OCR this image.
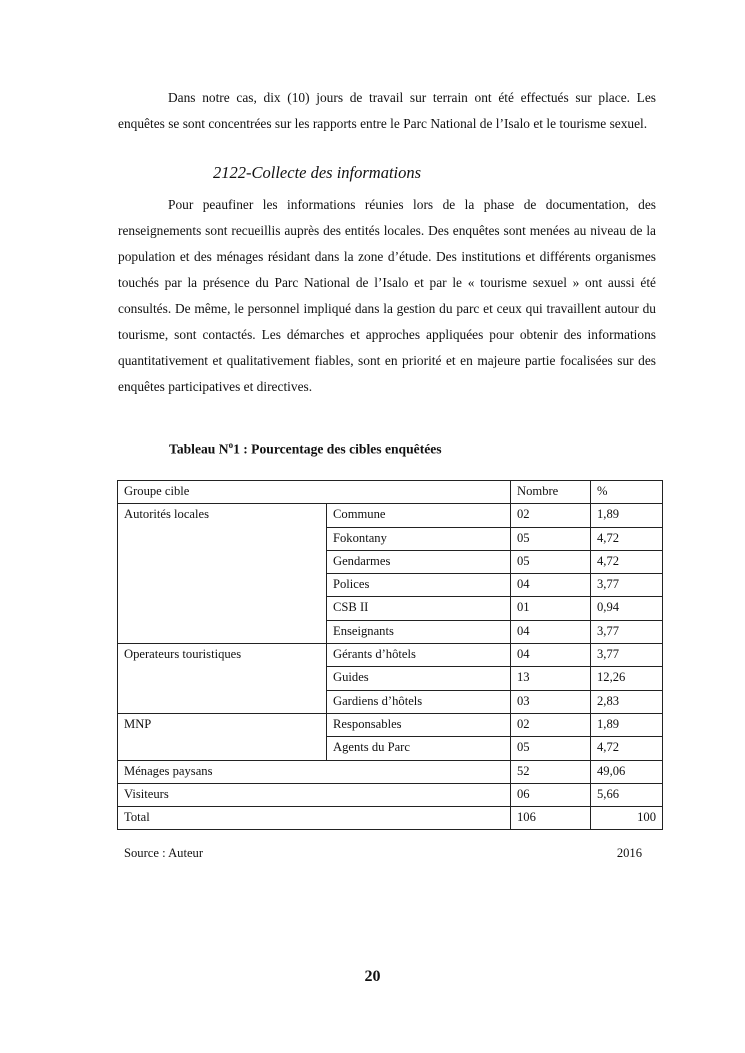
Dans notre cas, dix (10) jours de travail sur terrain ont été effectués sur place. Les enquêtes se sont concentrées sur les rapports entre le Parc National de l’Isalo et le tourisme sexuel.

2122-Collecte des informations

Pour peaufiner les informations réunies lors de la phase de documentation, des renseignements sont recueillis auprès des entités locales. Des enquêtes sont menées au niveau de la population et des ménages résidant dans la zone d’étude. Des institutions et différents organismes touchés par la présence du Parc National de l’Isalo et par le « tourisme sexuel » ont aussi été consultés. De même, le personnel impliqué dans la gestion du parc et ceux qui travaillent autour du tourisme, sont contactés. Les démarches et approches appliquées pour obtenir des informations quantitativement et qualitativement fiables, sont en priorité et en majeure partie focalisées sur des enquêtes participatives et directives.

Tableau $N^o1$ : Pourcentage des cibles enquêtées

Groupe cible		Nombre	%
Autorités locales	Commune	02	1,89
	Fokontany	05	4,72
	Gendarmes	05	4,72
	Polices	04	3,77
	CSB II	01	0,94
	Enseignants	04	3,77
Operateurs touristiques	Gérants d’hôtels	04	3,77
	Guides	13	12,26
	Gardiens d’hôtels	03	2,83
MNP	Responsables	02	1,89
	Agents du Parc	05	4,72
Ménages paysans		52	49,06
Visiteurs		06	5,66
Total		106	100
Source : Auteur	2016

20
